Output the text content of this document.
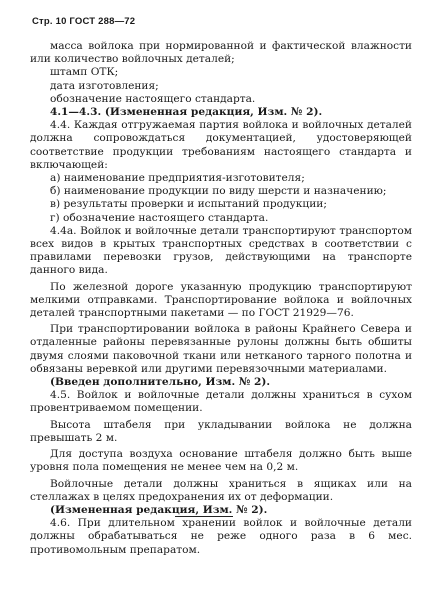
Стр. 10 ГОСТ 288—72

масса войлока при нормированной и фактической влажности или количество войлочных деталей;

штамп ОТК;

дата изготовления;

обозначение настоящего стандарта.

4.1—4.3. (Измененная редакция, Изм. № 2).

4.4. Каждая отгружаемая партия войлока и войлочных деталей должна сопровождаться документацией, удостоверяющей соответствие продукции требованиям настоящего стандарта и включающей:

а) наименование предприятия-изготовителя;

б) наименование продукции по виду шерсти и назначению;

в) результаты проверки и испытаний продукции;

г) обозначение настоящего стандарта.

4.4а. Войлок и войлочные детали транспортируют транспортом всех видов в крытых транспортных средствах в соответствии с правилами перевозки грузов, действующими на транспорте данного вида.

По железной дороге указанную продукцию транспортируют мелкими отправками. Транспортирование войлока и войлочных деталей транспортными пакетами — по ГОСТ 21929—76.

При транспортировании войлока в районы Крайнего Севера и отдаленные районы перевязанные рулоны должны быть обшиты двумя слоями паковочной ткани или нетканого тарного полотна и обвязаны веревкой или другими перевязочными материалами.

(Введен дополнительно, Изм. № 2).

4.5. Войлок и войлочные детали должны храниться в сухом провентриваемом помещении.

Высота штабеля при укладывании войлока не должна превышать 2 м.

Для доступа воздуха основание штабеля должно быть выше уровня пола помещения не менее чем на 0,2 м.

Войлочные детали должны храниться в ящиках или на стеллажах в целях предохранения их от деформации.

(Измененная редакция, Изм. № 2).

4.6. При длительном хранении войлок и войлочные детали должны обрабатываться не реже одного раза в 6 мес. противомольным препаратом.
